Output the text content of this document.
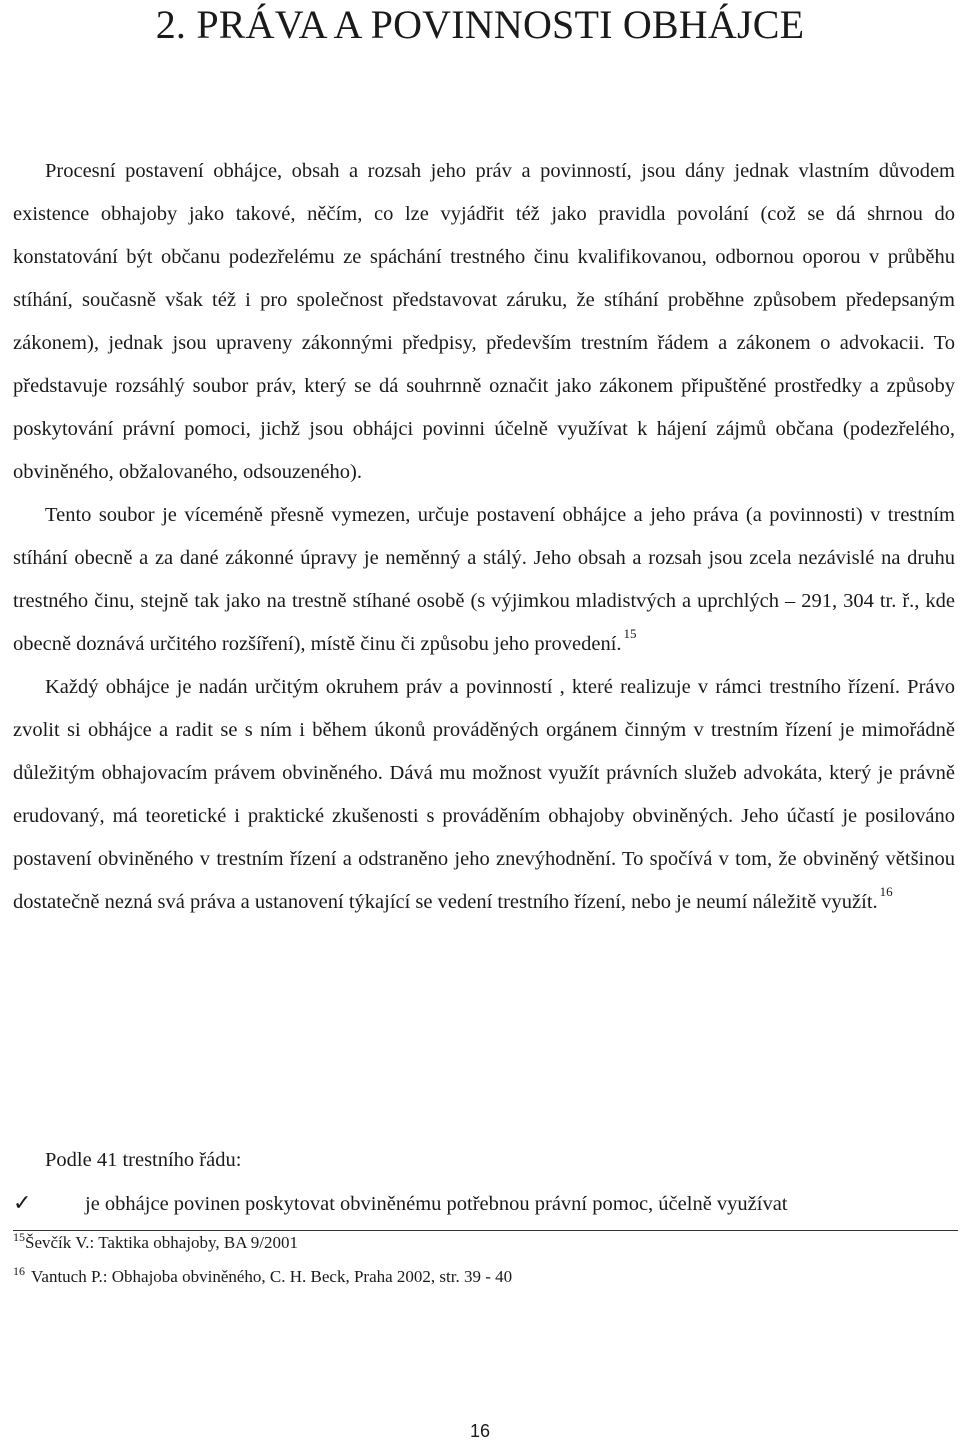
2. PRÁVA A POVINNOSTI OBHÁJCE

Procesní postavení obhájce, obsah a rozsah jeho práv a povinností, jsou dány jednak vlastním důvodem existence obhajoby jako takové, něčím, co lze vyjádřit též jako pravidla povolání (což se dá shrnou do konstatování být občanu podezřelému ze spáchání trestného činu kvalifikovanou, odbornou oporou v průběhu stíhání, současně však též i pro společnost představovat záruku, že stíhání proběhne způsobem předepsaným zákonem), jednak jsou upraveny zákonnými předpisy, především trestním řádem a zákonem o advokacii. To představuje rozsáhlý soubor práv, který se dá souhrnně označit jako zákonem připuštěné prostředky a způsoby poskytování právní pomoci, jichž jsou obhájci povinni účelně využívat k hájení zájmů občana (podezřelého, obviněného, obžalovaného, odsouzeného).

Tento soubor je víceméně přesně vymezen, určuje postavení obhájce a jeho práva (a povinnosti) v trestním stíhání obecně a za dané zákonné úpravy je neměnný a stálý. Jeho obsah a rozsah jsou zcela nezávislé na druhu trestného činu, stejně tak jako na trestně stíhané osobě (s výjimkou mladistvých a uprchlých – 291, 304 tr. ř., kde obecně doznává určitého rozšíření), místě činu či způsobu jeho provedení. $^{15}$

Každý obhájce je nadán určitým okruhem práv a povinností , které realizuje v rámci trestního řízení. Právo zvolit si obhájce a radit se s ním i během úkonů prováděných orgánem činným v trestním řízení je mimořádně důležitým obhajovacím právem obviněného. Dává mu možnost využít právních služeb advokáta, který je právně erudovaný, má teoretické i praktické zkušenosti s prováděním obhajoby obviněných. Jeho účastí je posilováno postavení obviněného v trestním řízení a odstraněno jeho znevýhodnění. To spočívá v tom, že obviněný většinou dostatečně nezná svá práva a ustanovení týkající se vedení trestního řízení, nebo je neumí náležitě využít. $^{16}$

Podle 41 trestního řádu:

✓	je obhájce povinen poskytovat obviněnému potřebnou právní pomoc, účelně využívat

$^{15}$Ševčík V.: Taktika obhajoby, BA 9/2001

$^{16}$ Vantuch P.: Obhajoba obviněného, C. H. Beck, Praha 2002, str. 39 - 40

16
